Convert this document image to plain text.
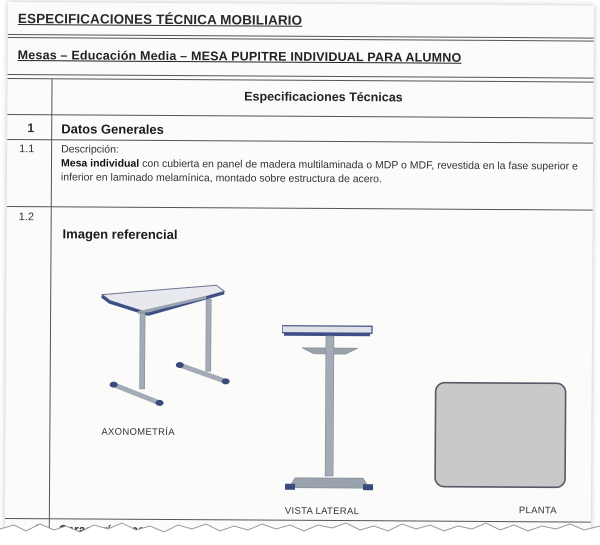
ESPECIFICACIONES TÉCNICA MOBILIARIO
Mesas – Educación Media – MESA PUPITRE INDIVIDUAL PARA ALUMNO
Especificaciones Técnicas
1 Datos Generales
1.1	Descripción:
Mesa individual con cubierta en panel de madera multilaminada o MDP o MDF, revestida en la fase superior e inferior en laminado melamínica, montado sobre estructura de acero.
1.2
Imagen referencial
AXONOMETRÍA
VISTA LATERAL	PLANTA
